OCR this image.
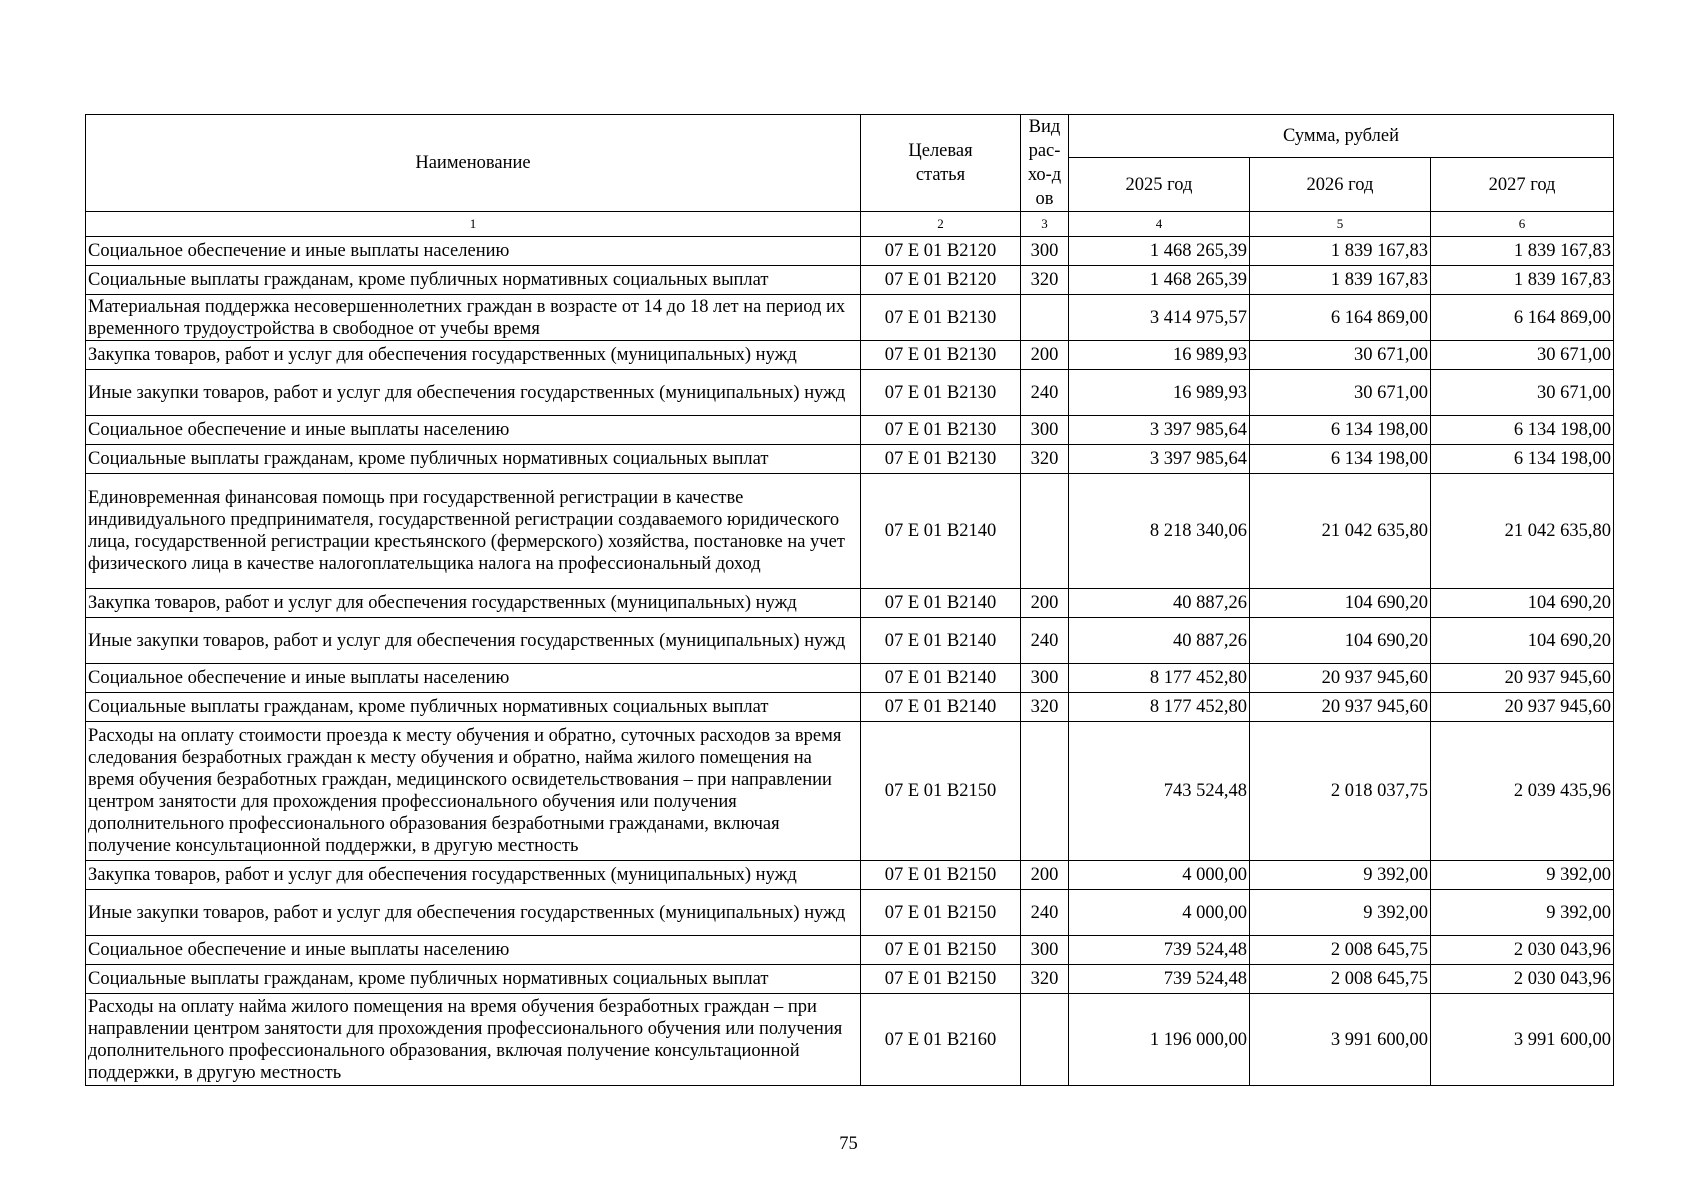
Наименование	Целевая статья	Вид рас-хо-дов	Сумма, рублей		
			2025 год	2026 год	2027 год
1	2	3	4	5	6
Социальное обеспечение и иные выплаты населению	07 Е 01 В2120	300	1 468 265,39	1 839 167,83	1 839 167,83
Социальные выплаты гражданам, кроме публичных нормативных социальных выплат	07 Е 01 В2120	320	1 468 265,39	1 839 167,83	1 839 167,83
Материальная поддержка несовершеннолетних граждан в возрасте от 14 до 18 лет на период их временного трудоустройства в свободное от учебы время	07 Е 01 В2130		3 414 975,57	6 164 869,00	6 164 869,00
Закупка товаров, работ и услуг для обеспечения государственных (муниципальных) нужд	07 Е 01 В2130	200	16 989,93	30 671,00	30 671,00
Иные закупки товаров, работ и услуг для обеспечения государственных (муниципальных) нужд	07 Е 01 В2130	240	16 989,93	30 671,00	30 671,00
Социальное обеспечение и иные выплаты населению	07 Е 01 В2130	300	3 397 985,64	6 134 198,00	6 134 198,00
Социальные выплаты гражданам, кроме публичных нормативных социальных выплат	07 Е 01 В2130	320	3 397 985,64	6 134 198,00	6 134 198,00
Единовременная финансовая помощь при государственной регистрации в качестве индивидуального предпринимателя, государственной регистрации создаваемого юридического лица, государственной регистрации крестьянского (фермерского) хозяйства, постановке на учет физического лица в качестве налогоплательщика налога на профессиональный доход	07 Е 01 В2140		8 218 340,06	21 042 635,80	21 042 635,80
Закупка товаров, работ и услуг для обеспечения государственных (муниципальных) нужд	07 Е 01 В2140	200	40 887,26	104 690,20	104 690,20
Иные закупки товаров, работ и услуг для обеспечения государственных (муниципальных) нужд	07 Е 01 В2140	240	40 887,26	104 690,20	104 690,20
Социальное обеспечение и иные выплаты населению	07 Е 01 В2140	300	8 177 452,80	20 937 945,60	20 937 945,60
Социальные выплаты гражданам, кроме публичных нормативных социальных выплат	07 Е 01 В2140	320	8 177 452,80	20 937 945,60	20 937 945,60
Расходы на оплату стоимости проезда к месту обучения и обратно, суточных расходов за время следования безработных граждан к месту обучения и обратно, найма жилого помещения на время обучения безработных граждан, медицинского освидетельствования – при направлении центром занятости для прохождения профессионального обучения или получения дополнительного профессионального образования безработными гражданами, включая получение консультационной поддержки, в другую местность	07 Е 01 В2150		743 524,48	2 018 037,75	2 039 435,96
Закупка товаров, работ и услуг для обеспечения государственных (муниципальных) нужд	07 Е 01 В2150	200	4 000,00	9 392,00	9 392,00
Иные закупки товаров, работ и услуг для обеспечения государственных (муниципальных) нужд	07 Е 01 В2150	240	4 000,00	9 392,00	9 392,00
Социальное обеспечение и иные выплаты населению	07 Е 01 В2150	300	739 524,48	2 008 645,75	2 030 043,96
Социальные выплаты гражданам, кроме публичных нормативных социальных выплат	07 Е 01 В2150	320	739 524,48	2 008 645,75	2 030 043,96
Расходы на оплату найма жилого помещения на время обучения безработных граждан – при направлении центром занятости для прохождения профессионального обучения или получения дополнительного профессионального образования, включая получение консультационной поддержки, в другую местность	07 Е 01 В2160		1 196 000,00	3 991 600,00	3 991 600,00
75
